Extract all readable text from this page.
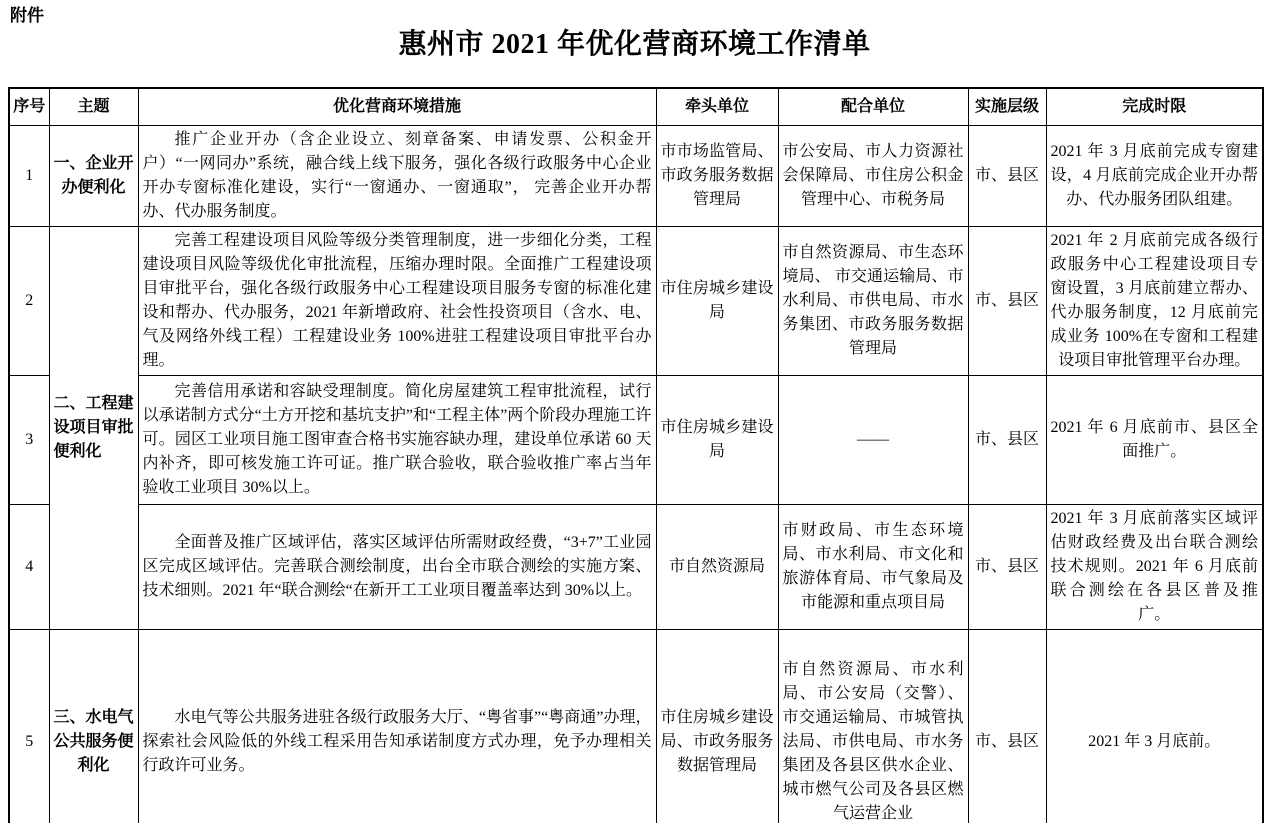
附件
惠州市 2021 年优化营商环境工作清单
序号	主题	优化营商环境措施	牵头单位	配合单位	实施层级	完成时限
1	一、企业开办便利化	推广企业开办（含企业设立、刻章备案、申请发票、公积金开户）“一网同办”系统，融合线上线下服务，强化各级行政服务中心企业开办专窗标准化建设，实行“一窗通办、一窗通取”， 完善企业开办帮办、代办服务制度。	市市场监管局、市政务服务数据管理局	市公安局、市人力资源社会保障局、市住房公积金管理中心、市税务局	市、县区	2021 年 3 月底前完成专窗建设，4 月底前完成企业开办帮办、代办服务团队组建。
2	二、工程建设项目审批便利化	完善工程建设项目风险等级分类管理制度，进一步细化分类，工程建设项目风险等级优化审批流程，压缩办理时限。全面推广工程建设项目审批平台，强化各级行政服务中心工程建设项目服务专窗的标准化建设和帮办、代办服务，2021 年新增政府、社会性投资项目（含水、电、气及网络外线工程）工程建设业务 100%进驻工程建设项目审批平台办理。	市住房城乡建设局	市自然资源局、市生态环境局、 市交通运输局、市水利局、市供电局、市水务集团、市政务服务数据管理局	市、县区	2021 年 2 月底前完成各级行政服务中心工程建设项目专窗设置，3 月底前建立帮办、代办服务制度，12 月底前完成业务 100%在专窗和工程建设项目审批管理平台办理。
3		完善信用承诺和容缺受理制度。简化房屋建筑工程审批流程，试行以承诺制方式分“土方开挖和基坑支护”和“工程主体”两个阶段办理施工许可。园区工业项目施工图审查合格书实施容缺办理，建设单位承诺 60 天内补齐，即可核发施工许可证。推广联合验收，联合验收推广率占当年验收工业项目 30%以上。	市住房城乡建设局	——	市、县区	2021 年 6 月底前市、县区全面推广。
4		全面普及推广区域评估，落实区域评估所需财政经费，“3+7”工业园区完成区域评估。完善联合测绘制度，出台全市联合测绘的实施方案、技术细则。2021 年“联合测绘“在新开工工业项目覆盖率达到 30%以上。	市自然资源局	市财政局、市生态环境局、市水利局、市文化和旅游体育局、市气象局及市能源和重点项目局	市、县区	2021 年 3 月底前落实区域评估财政经费及出台联合测绘技术规则。2021 年 6 月底前联合测绘在各县区普及推广。
5	三、水电气公共服务便利化	水电气等公共服务进驻各级行政服务大厅、“粤省事”“粤商通”办理，探索社会风险低的外线工程采用告知承诺制度方式办理，免予办理相关行政许可业务。	市住房城乡建设局、市政务服务数据管理局	市自然资源局、市水利局、市公安局（交警）、市交通运输局、市城管执法局、市供电局、市水务集团及各县区供水企业、城市燃气公司及各县区燃气运营企业	市、县区	2021 年 3 月底前。
